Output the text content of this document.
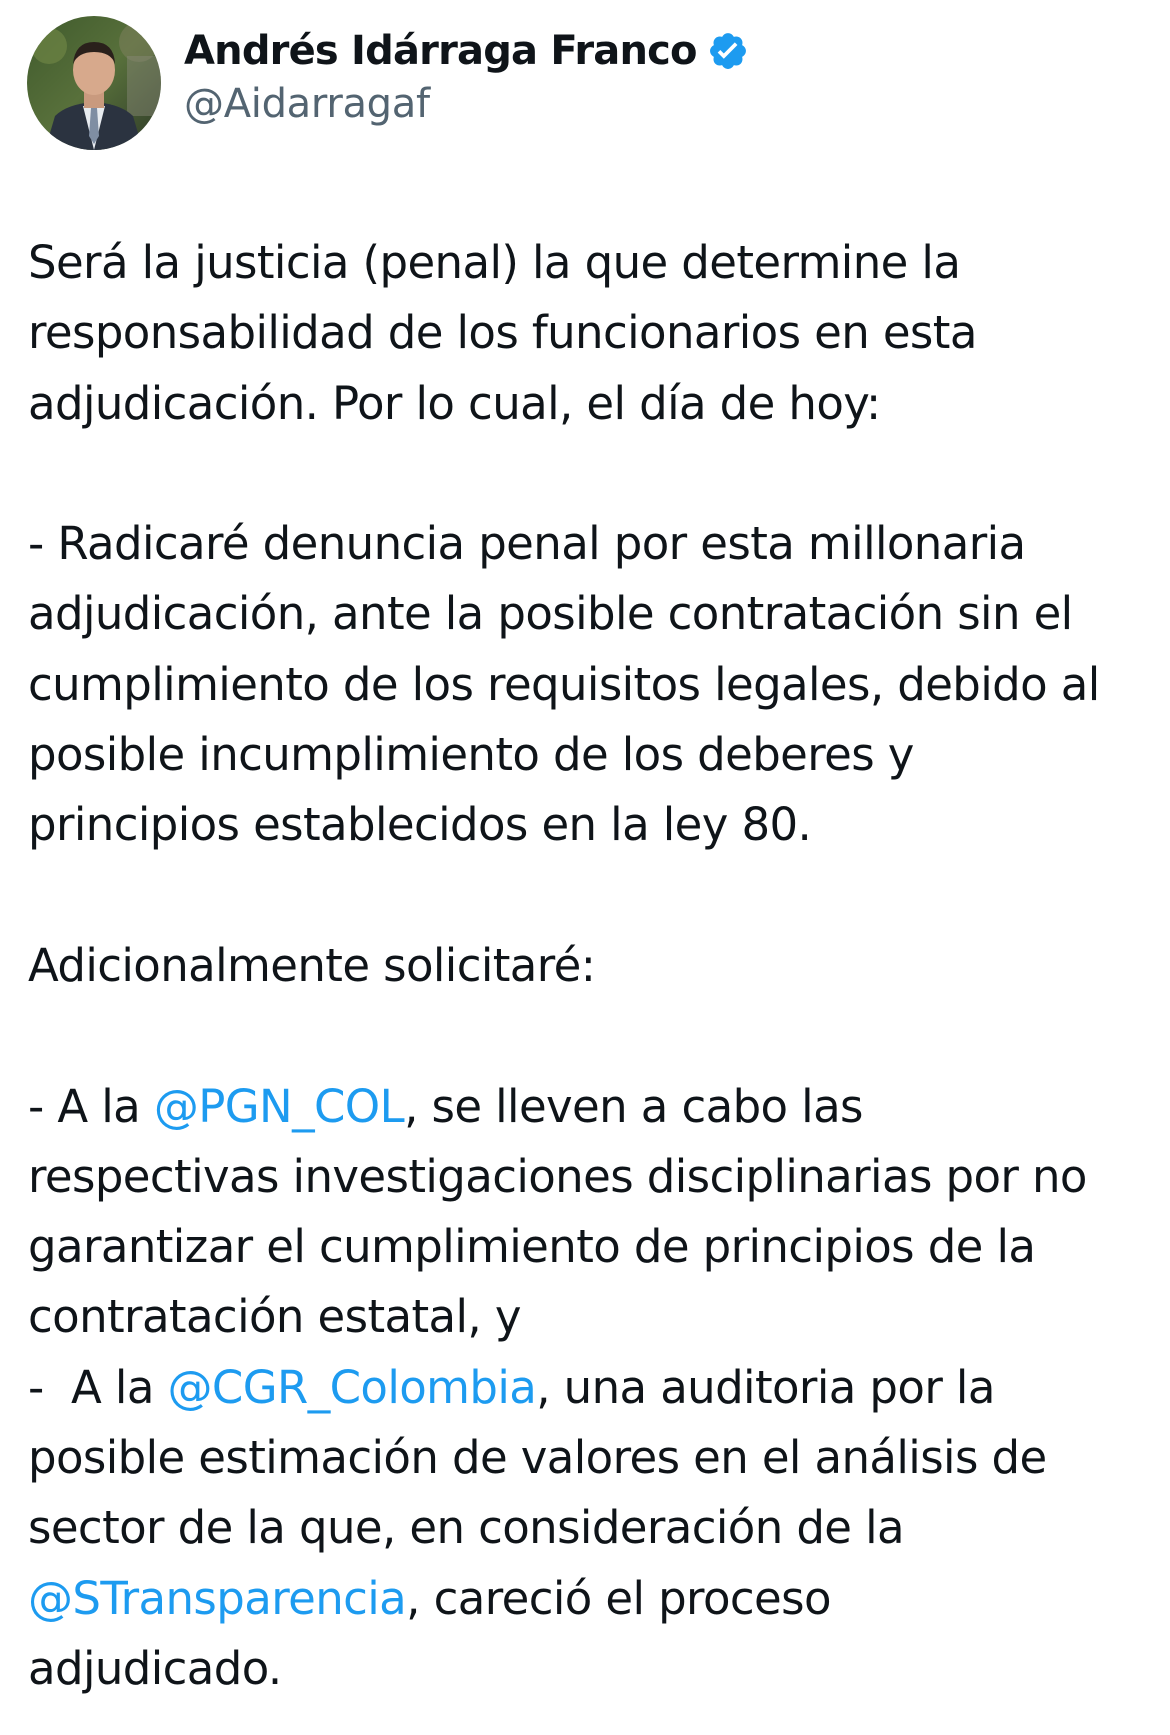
Andrés Idárraga Franco
@Aidarragaf
Será la justicia (penal) la que determine la
responsabilidad de los funcionarios en esta
adjudicación. Por lo cual, el día de hoy:
- Radicaré denuncia penal por esta millonaria
adjudicación, ante la posible contratación sin el
cumplimiento de los requisitos legales, debido al
posible incumplimiento de los deberes y
principios establecidos en la ley 80.
Adicionalmente solicitaré:
- A la @PGN_COL, se lleven a cabo las
respectivas investigaciones disciplinarias por no
garantizar el cumplimiento de principios de la
contratación estatal, y
-  A la @CGR_Colombia, una auditoria por la
posible estimación de valores en el análisis de
sector de la que, en consideración de la
@STransparencia, careció el proceso
adjudicado.
